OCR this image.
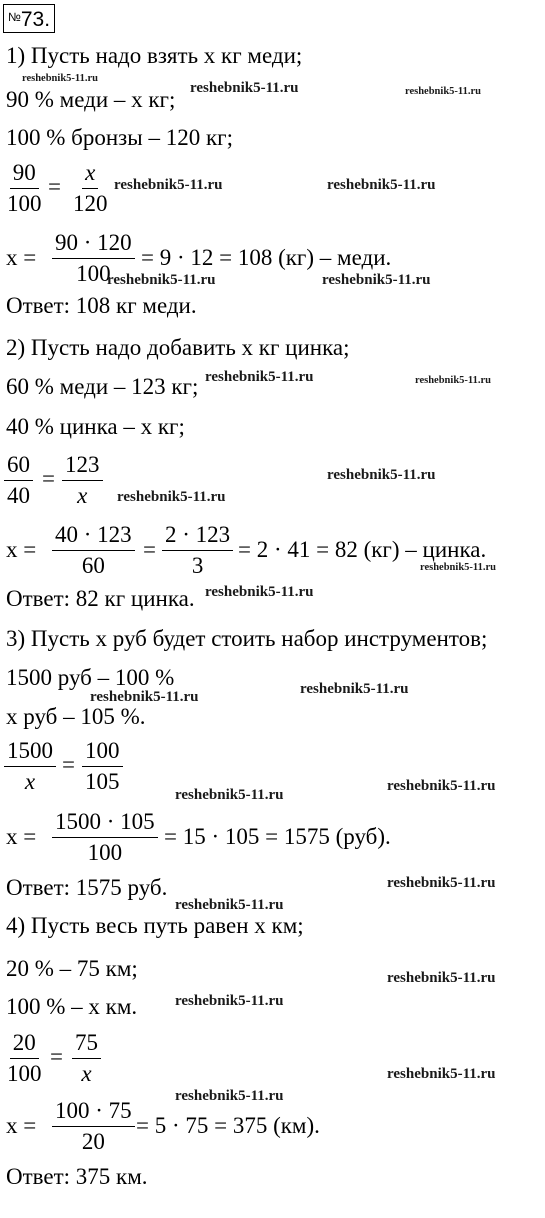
№73.
1) Пусть надо взять x кг меди;
90 % меди – x кг;
100 % бронзы – 120 кг;
$\frac{90}{100} = \frac{x}{120}$
$x = \frac{90 \cdot 120}{100} = 9 \cdot 12 = 108$ (кг) – меди.
Ответ: 108 кг меди.
2) Пусть надо добавить x кг цинка;
60 % меди – 123 кг;
40 % цинка – x кг;
$\frac{60}{40} = \frac{123}{x}$
$x = \frac{40 \cdot 123}{60} = \frac{2 \cdot 123}{3} = 2 \cdot 41 = 82$ (кг) – цинка.
Ответ: 82 кг цинка.
3) Пусть x руб будет стоить набор инструментов;
1500 руб – 100 %
x руб – 105 %.
$\frac{1500}{x} = \frac{100}{105}$
$x = \frac{1500 \cdot 105}{100} = 15 \cdot 105 = 1575$ (руб).
Ответ: 1575 руб.
4) Пусть весь путь равен x км;
20 % – 75 км;
100 % – x км.
$\frac{20}{100} = \frac{75}{x}$
$x = \frac{100 \cdot 75}{20} = 5 \cdot 75 = 375$ (км).
Ответ: 375 км.
reshebnik5-11.ru
reshebnik5-11.ru	reshebnik5-11.ru
reshebnik5-11.ru	reshebnik5-11.ru
reshebnik5-11.ru	reshebnik5-11.ru
reshebnik5-11.ru	reshebnik5-11.ru
reshebnik5-11.ru
reshebnik5-11.ru
reshebnik5-11.ru
reshebnik5-11.ru
reshebnik5-11.ru	reshebnik5-11.ru
reshebnik5-11.ru
reshebnik5-11.ru
reshebnik5-11.ru
reshebnik5-11.ru
reshebnik5-11.ru
reshebnik5-11.ru
reshebnik5-11.ru
reshebnik5-11.ru
